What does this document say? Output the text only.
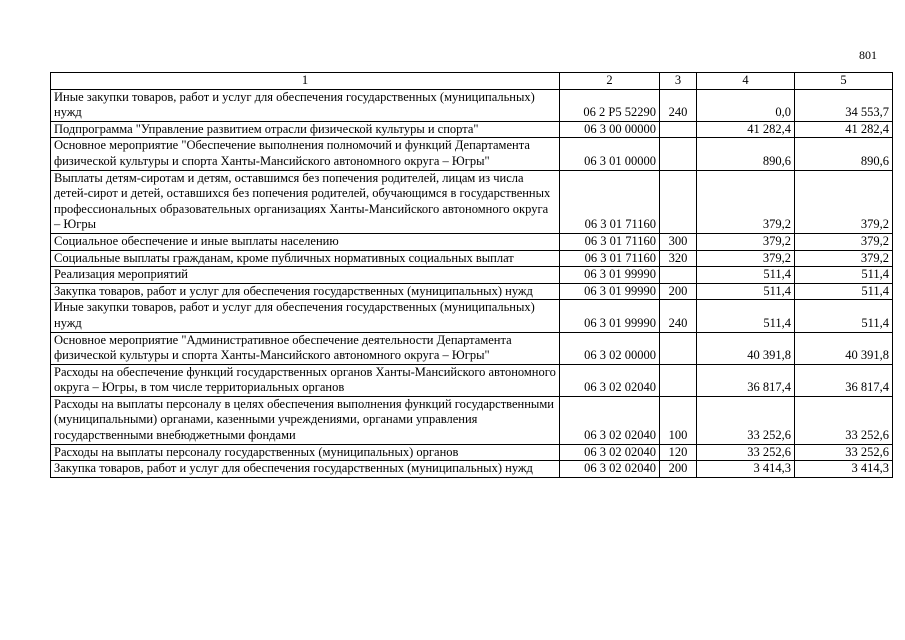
801
1	2	3	4	5
Иные закупки товаров, работ и услуг для обеспечения государственных (муниципальных) нужд	06 2 P5 52290	240	0,0	34 553,7
Подпрограмма "Управление развитием отрасли физической культуры и спорта"	06 3 00 00000		41 282,4	41 282,4
Основное мероприятие "Обеспечение выполнения полномочий и функций Департамента физической культуры и спорта Ханты-Мансийского автономного округа – Югры"	06 3 01 00000		890,6	890,6
Выплаты детям-сиротам и детям, оставшимся без попечения родителей, лицам из числа детей-сирот и детей, оставшихся без попечения родителей, обучающимся в государственных профессиональных образовательных организациях Ханты-Мансийского автономного округа – Югры	06 3 01 71160		379,2	379,2
Социальное обеспечение и иные выплаты населению	06 3 01 71160	300	379,2	379,2
Социальные выплаты гражданам, кроме публичных нормативных социальных выплат	06 3 01 71160	320	379,2	379,2
Реализация мероприятий	06 3 01 99990		511,4	511,4
Закупка товаров, работ и услуг для обеспечения государственных (муниципальных) нужд	06 3 01 99990	200	511,4	511,4
Иные закупки товаров, работ и услуг для обеспечения государственных (муниципальных) нужд	06 3 01 99990	240	511,4	511,4
Основное мероприятие "Административное обеспечение деятельности Департамента физической культуры и спорта Ханты-Мансийского автономного округа – Югры"	06 3 02 00000		40 391,8	40 391,8
Расходы на обеспечение функций государственных органов Ханты-Мансийского автономного округа – Югры, в том числе территориальных органов	06 3 02 02040		36 817,4	36 817,4
Расходы на выплаты персоналу в целях обеспечения выполнения функций государственными (муниципальными) органами, казенными учреждениями, органами управления государственными внебюджетными фондами	06 3 02 02040	100	33 252,6	33 252,6
Расходы на выплаты персоналу государственных (муниципальных) органов	06 3 02 02040	120	33 252,6	33 252,6
Закупка товаров, работ и услуг для обеспечения государственных (муниципальных) нужд	06 3 02 02040	200	3 414,3	3 414,3
